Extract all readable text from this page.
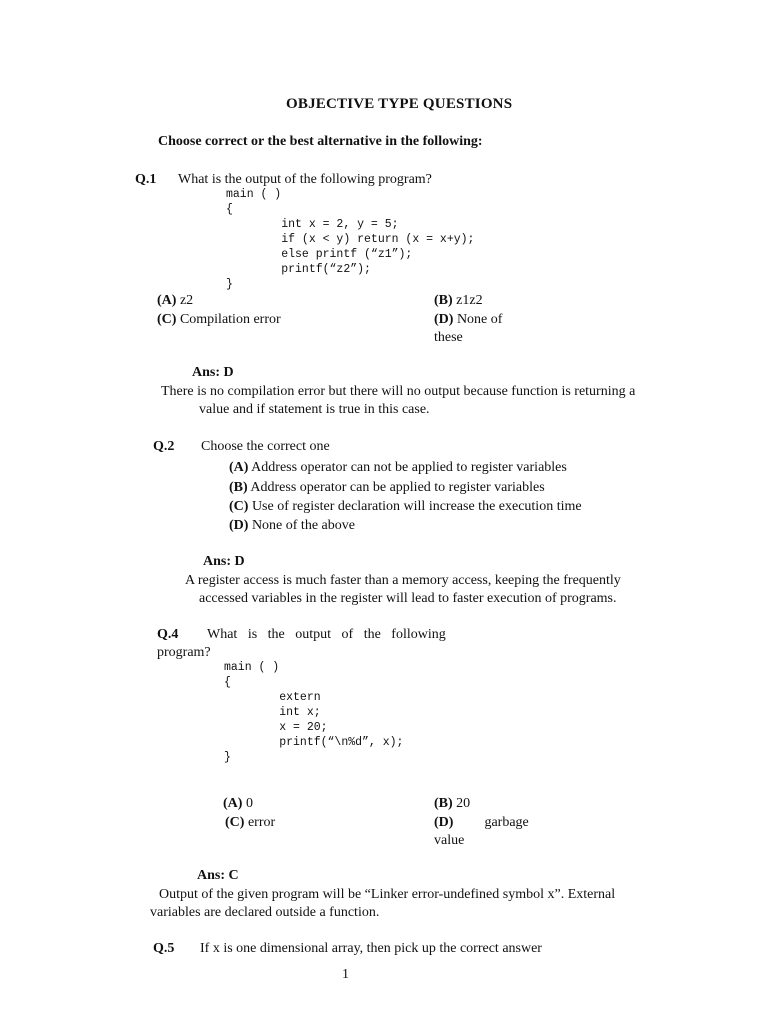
OBJECTIVE TYPE QUESTIONS
Choose correct or the best alternative in the following:
Q.1 What is the output of the following program?
main ( )
{
int x = 2, y = 5;
if (x < y) return (x = x+y);
else printf (“z1”);
printf(“z2”);
}
(A) z2	(B) z1z2
(C) Compilation error	(D) None of
these
Ans: D
There is no compilation error but there will no output because function is returning a
value and if statement is true in this case.
Q.2 Choose the correct one
(A) Address operator can not be applied to register variables
(B) Address operator can be applied to register variables
(C) Use of register declaration will increase the execution time
(D) None of the above
Ans: D
A register access is much faster than a memory access, keeping the frequently
accessed variables in the register will lead to faster execution of programs.
Q.4 What   is   the   output   of   the   following
program?
main ( )
{
extern
int x;
x = 20;
printf(“\n%d”, x);
}
(A) 0	(B) 20
(C) error	(D) garbage
value
Ans: C
Output of the given program will be “Linker error-undefined symbol x”. External
variables are declared outside a function.
Q.5 If x is one dimensional array, then pick up the correct answer
1
